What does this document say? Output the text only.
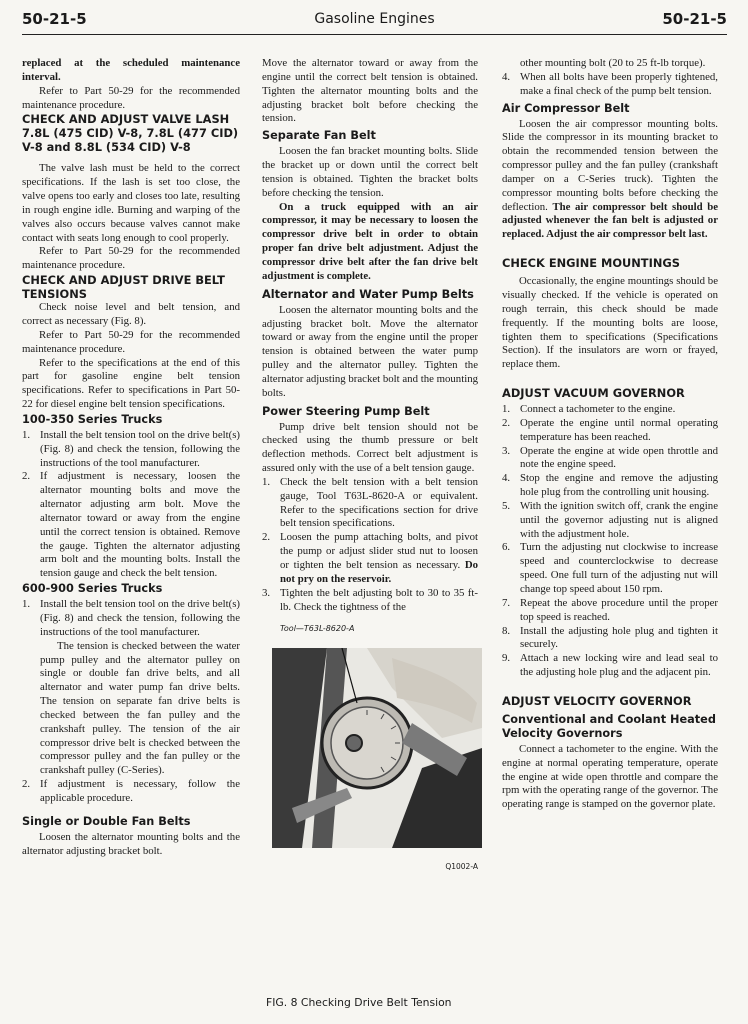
50-21-5	Gasoline Engines	50-21-5

replaced at the scheduled maintenance interval.

Refer to Part 50-29 for the recommended maintenance procedure.

CHECK AND ADJUST VALVE LASH 7.8L (475 CID) V-8, 7.8L (477 CID) V-8 and 8.8L (534 CID) V-8

The valve lash must be held to the correct specifications. If the lash is set too close, the valve opens too early and closes too late, resulting in rough engine idle. Burning and warping of the valves also occurs because valves cannot make contact with seats long enough to cool properly.

Refer to Part 50-29 for the recommended maintenance procedure.

CHECK AND ADJUST DRIVE BELT TENSIONS

Check noise level and belt tension, and correct as necessary (Fig. 8).

Refer to Part 50-29 for the recommended maintenance procedure.

Refer to the specifications at the end of this part for gasoline engine belt tension specifications. Refer to specifications in Part 50-22 for diesel engine belt tension specifications.

100-350 Series Trucks
1. Install the belt tension tool on the drive belt(s) (Fig. 8) and check the tension, following the instructions of the tool manufacturer.
2. If adjustment is necessary, loosen the alternator mounting bolts and move the alternator adjusting arm bolt. Move the alternator toward or away from the engine until the correct tension is obtained. Remove the gauge. Tighten the alternator adjusting arm bolt and the mounting bolts. Install the tension gauge and check the belt tension.
600-900 Series Trucks
1. Install the belt tension tool on the drive belt(s) (Fig. 8) and check the tension, following the instructions of the tool manufacturer.

The tension is checked between the water pump pulley and the alternator pulley on single or double fan drive belts, and all alternator and water pump fan drive belts. The tension on separate fan drive belts is checked between the fan pulley and the crankshaft pulley. The tension of the air compressor drive belt is checked between the compressor pulley and the fan pulley or the crankshaft pulley (C-Series).

2. If adjustment is necessary, follow the applicable procedure.
Single or Double Fan Belts

Loosen the alternator mounting bolts and the alternator adjusting bracket bolt.

Move the alternator toward or away from the engine until the correct belt tension is obtained. Tighten the alternator mounting bolts and the adjusting bracket bolt before checking the tension.

Separate Fan Belt

Loosen the fan bracket mounting bolts. Slide the bracket up or down until the correct belt tension is obtained. Tighten the bracket bolts before checking the tension.

On a truck equipped with an air compressor, it may be necessary to loosen the compressor drive belt in order to obtain proper fan drive belt adjustment. Adjust the compressor drive belt after the fan drive belt adjustment is complete.

Alternator and Water Pump Belts

Loosen the alternator mounting bolts and the adjusting bracket bolt. Move the alternator toward or away from the engine until the proper tension is obtained between the water pump pulley and the alternator pulley. Tighten the alternator adjusting bracket bolt and the mounting bolts.

Power Steering Pump Belt

Pump drive belt tension should not be checked using the thumb pressure or belt deflection methods. Correct belt adjustment is assured only with the use of a belt tension gauge.

1. Check the belt tension with a belt tension gauge, Tool T63L-8620-A or equivalent. Refer to the specifications section for drive belt tension specifications.
2. Loosen the pump attaching bolts, and pivot the pump or adjust slider stud nut to loosen or tighten the belt tension as necessary. Do not pry on the reservoir.
3. Tighten the belt adjusting bolt to 30 to 35 ft-lb. Check the tightness of the
Tool—T63L-8620-A
Q1002-A
FIG. 8 Checking Drive Belt Tension
other mounting bolt (20 to 25 ft-lb torque).
4. When all bolts have been properly tightened, make a final check of the pump belt tension.
Air Compressor Belt

Loosen the air compressor mounting bolts. Slide the compressor in its mounting bracket to obtain the recommended tension between the compressor pulley and the fan pulley (crankshaft damper on a C-Series truck). Tighten the compressor mounting bolts before checking the deflection. The air compressor belt should be adjusted whenever the fan belt is adjusted or replaced. Adjust the air compressor belt last.

CHECK ENGINE MOUNTINGS

Occasionally, the engine mountings should be visually checked. If the vehicle is operated on rough terrain, this check should be made frequently. If the mounting bolts are loose, tighten them to specifications (Specifications Section). If the insulators are worn or frayed, replace them.

ADJUST VACUUM GOVERNOR
1. Connect a tachometer to the engine.
2. Operate the engine until normal operating temperature has been reached.
3. Operate the engine at wide open throttle and note the engine speed.
4. Stop the engine and remove the adjusting hole plug from the controlling unit housing.
5. With the ignition switch off, crank the engine until the governor adjusting nut is aligned with the adjustment hole.
6. Turn the adjusting nut clockwise to increase speed and counterclockwise to decrease speed. One full turn of the adjusting nut will change top speed about 150 rpm.
7. Repeat the above procedure until the proper top speed is reached.
8. Install the adjusting hole plug and tighten it securely.
9. Attach a new locking wire and lead seal to the adjusting hole plug and the adjacent pin.
ADJUST VELOCITY GOVERNOR
Conventional and Coolant Heated Velocity Governors

Connect a tachometer to the engine. With the engine at normal operating temperature, operate the engine at wide open throttle and compare the rpm with the operating range of the governor. The operating range is stamped on the governor plate.
